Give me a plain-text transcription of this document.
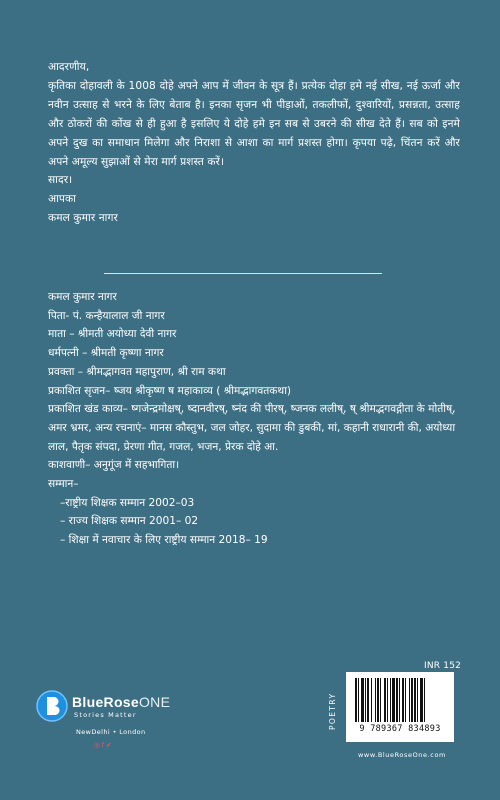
आदरणीय,

कृतिका दोहावली के 1008 दोहे अपने आप में जीवन के सूत्र हैं। प्रत्येक दोहा हमे नई सीख, नई ऊर्जा और नवीन उत्साह से भरने के लिए बेताब है। इनका सृजन भी पीड़ाओं, तकलीफों, दुश्वारियों, प्रसन्नता, उत्साह और ठोकरों की कोंख से ही हुआ है इसलिए ये दोहे हमे इन सब से उबरने की सीख देते हैं। सब को इनमे अपने दुख का समाधान मिलेगा और निराशा से आशा का मार्ग प्रशस्त होगा। कृपया पढ़े, चिंतन करें और अपने अमूल्य सुझाओं से मेरा मार्ग प्रशस्त करें।

सादर।

आपका

कमल कुमार नागर

कमल कुमार नागर

पिता- पं. कन्हैयालाल जी नागर

माता – श्रीमती अयोध्या देवी नागर

धर्मपत्नी – श्रीमती कृष्णा नागर

प्रवक्ता – श्रीमद्भागवत महापुराण, श्री राम कथा

प्रकाशित सृजन– ष्जय श्रीकृष्ण ष महाकाव्य ( श्रीमद्भागवतकथा)

प्रकाशित खंड काव्य– ष्गजेन्द्रमोक्षष्, ष्दानवीरष्, ष्नंद की पीरष्, ष्जनक ललीष्, ष् श्रीमद्भगवद्गीता के मोतीष्, अमर भ्रमर, अन्य रचनाएं– मानस कौस्तुभ, जल जोहर, सुदामा की डुबकी, मां, कहानी राधारानी की, अयोध्या लाल, पैतृक संपदा, प्रेरणा गीत, गजल, भजन, प्रेरक दोहे आ.

काशवाणी– अनुगूंज में सहभागिता।

सम्मान–

–राष्ट्रीय शिक्षक सम्मान 2002–03

– राज्य शिक्षक सम्मान 2001– 02

– शिक्षा में नवाचार के लिए राष्ट्रीय सम्मान 2018– 19

BlueRoseONE
Stories Matter
NewDelhi • London
◎ f ✔
INR 152
POETRY	9 789367 834893
www.BlueRoseOne.com
